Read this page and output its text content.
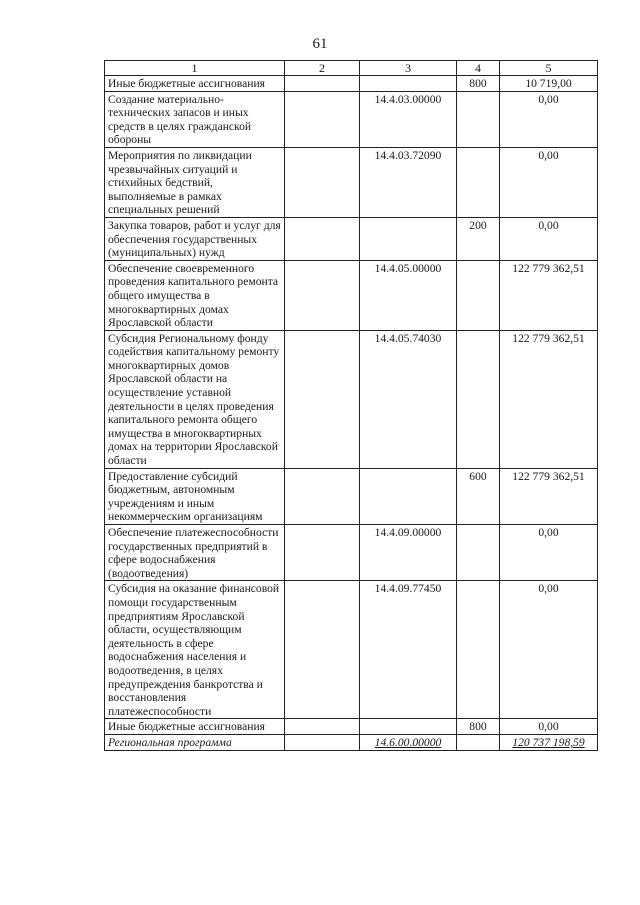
61
1	2	3	4	5
Иные бюджетные ассигнования			800	10 719,00
Создание материально-технических запасов и иных средств в целях гражданской обороны		14.4.03.00000		0,00
Мероприятия по ликвидации чрезвычайных ситуаций и стихийных бедствий, выполняемые в рамках специальных решений		14.4.03.72090		0,00
Закупка товаров, работ и услуг для обеспечения государственных (муниципальных) нужд			200	0,00
Обеспечение своевременного проведения капитального ремонта общего имущества в многоквартирных домах Ярославской области		14.4.05.00000		122 779 362,51
Субсидия Региональному фонду содействия капитальному ремонту многоквартирных домов Ярославской области на осуществление уставной деятельности в целях проведения капитального ремонта общего имущества в многоквартирных домах на территории Ярославской области		14.4.05.74030		122 779 362,51
Предоставление субсидий бюджетным, автономным учреждениям и иным некоммерческим организациям			600	122 779 362,51
Обеспечение платежеспособности государственных предприятий в сфере водоснабжения (водоотведения)		14.4.09.00000		0,00
Субсидия на оказание финансовой помощи государственным предприятиям Ярославской области, осуществляющим деятельность в сфере водоснабжения населения и водоотведения, в целях предупреждения банкротства и восстановления платежеспособности		14.4.09.77450		0,00
Иные бюджетные ассигнования			800	0,00
Региональная программа		14.6.00.00000		120 737 198,59
